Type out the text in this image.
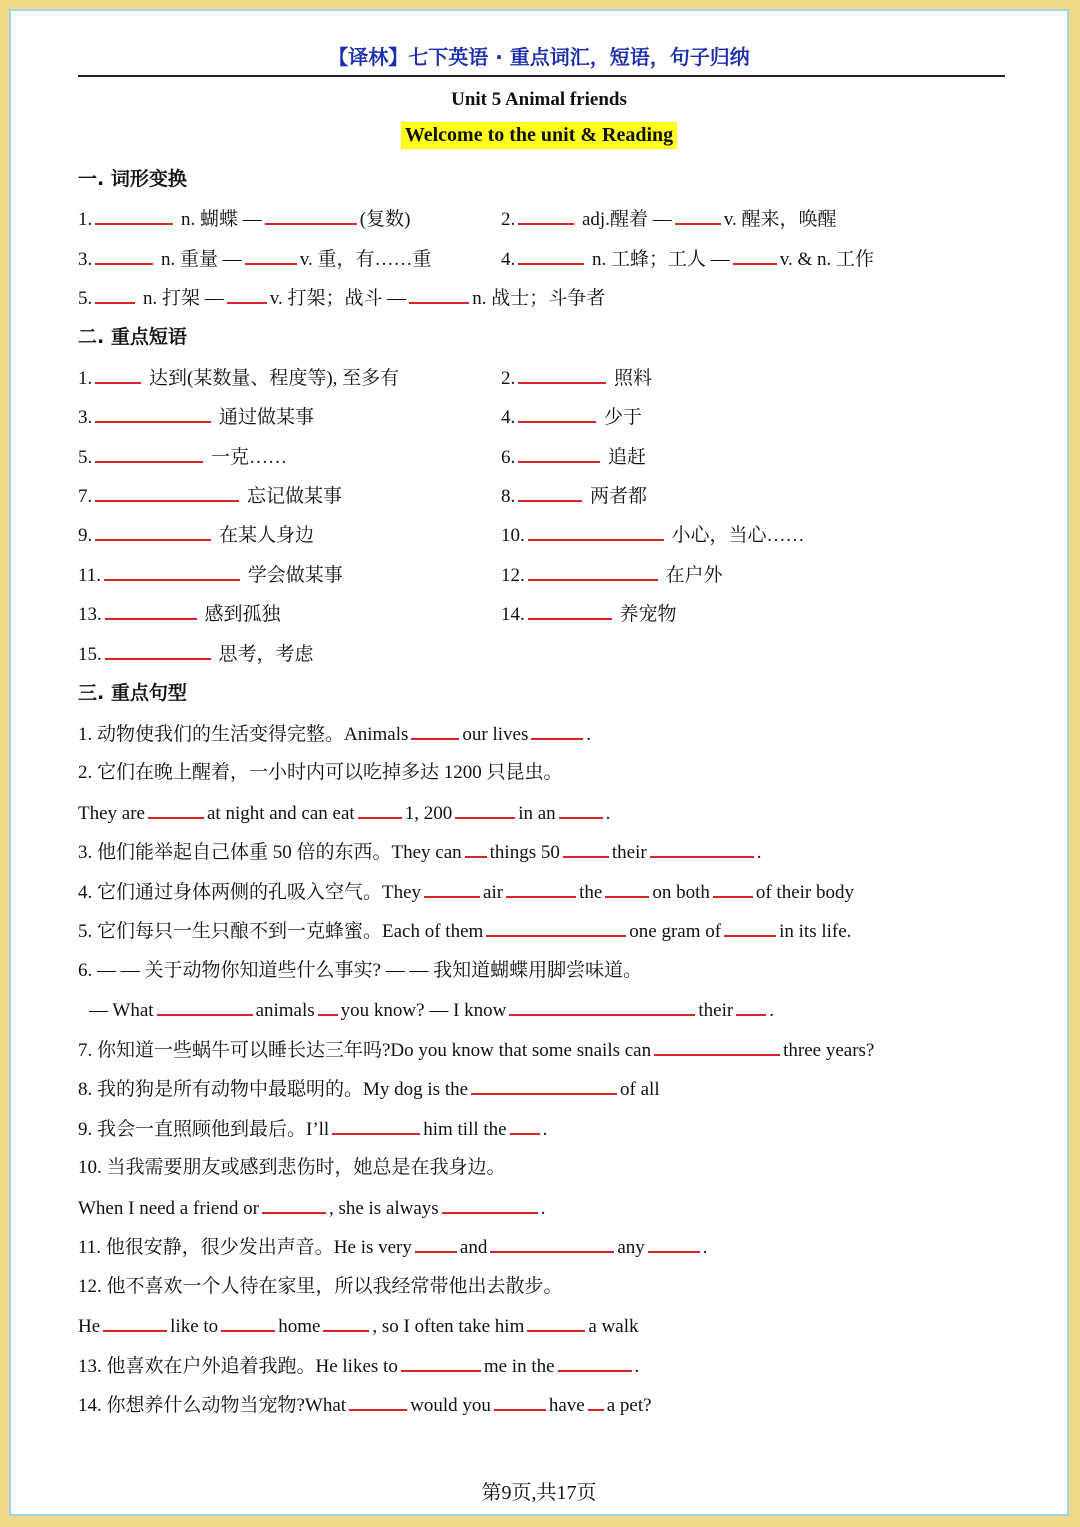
【译林】七下英语 · 重点词汇，短语，句子归纳
Unit 5 Animal friends
Welcome to the unit & Reading
一. 词形变换
1.	n. 蝴蝶 —	(复数)	2.	adj.醒着 —	v. 醒来，唤醒
3.	n. 重量 —	v. 重，有……重	4.	n. 工蜂；工人 —	v. & n. 工作
5.	n. 打架 — v. 打架；战斗 —	n. 战士；斗争者
二. 重点短语
1.	达到(某数量、程度等), 至多有	2.	照料
3.	通过做某事	4.	少于
5.	一克……	6.	追赶
7.	忘记做某事	8.	两者都
9.	在某人身边	10.	小心，当心……
11.	学会做某事	12.	在户外
13.	感到孤独	14.	养宠物
15.	思考，考虑
三. 重点句型
1. 动物使我们的生活变得完整。Animals	our lives	.
2. 它们在晚上醒着，一小时内可以吃掉多达 1200 只昆虫。
They are	at night and can eat	1, 200	in an	.
3. 他们能举起自己体重 50 倍的东西。They can things 50	their	.
4. 它们通过身体两侧的孔吸入空气。They	air	the	on both of their body
5. 它们每只一生只酿不到一克蜂蜜。Each of them	one gram of	in its life.
6. — — 关于动物你知道些什么事实? — — 我知道蝴蝶用脚尝味道。
— What	animals you know? — I know	their .
7. 你知道一些蜗牛可以睡长达三年吗?Do you know that some snails can	three years?
8. 我的狗是所有动物中最聪明的。My dog is the	of all
9. 我会一直照顾他到最后。I’ll	him till the .
10. 当我需要朋友或感到悲伤时，她总是在我身边。
When I need a friend or	, she is always	.
11. 他很安静，很少发出声音。He is very	and	any	.
12. 他不喜欢一个人待在家里，所以我经常带他出去散步。
He	like to	home	, so I often take him	a walk
13. 他喜欢在户外追着我跑。He likes to	me in the	.
14. 你想养什么动物当宠物?What	would you	have a pet?
第9页,共17页
